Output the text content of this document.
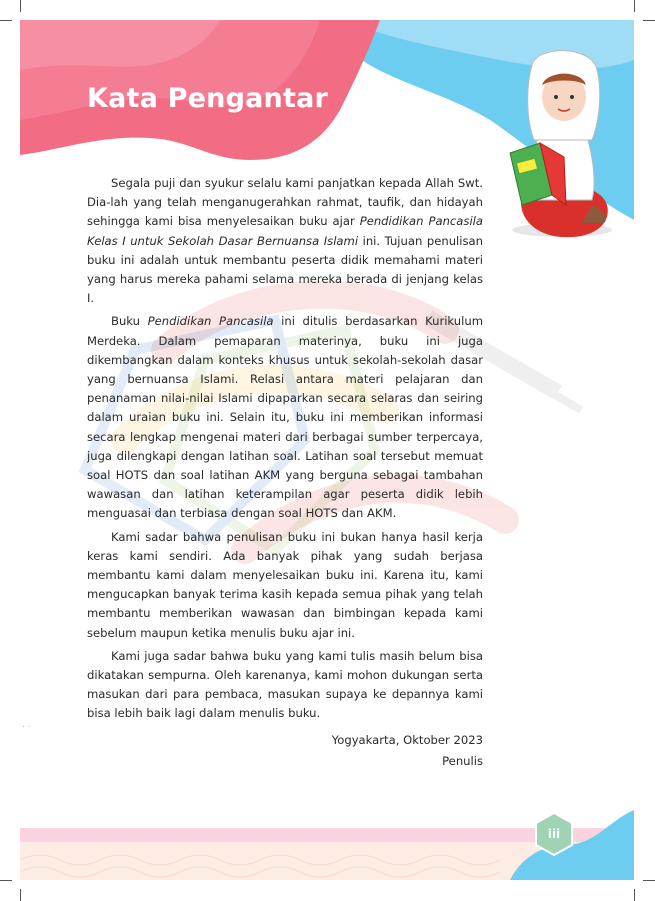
Kata Pengantar

Segala puji dan syukur selalu kami panjatkan kepada Allah Swt. Dia-lah yang telah menganugerahkan rahmat, taufik, dan hidayah sehingga kami bisa menyelesaikan buku ajar Pendidikan Pancasila Kelas I untuk Sekolah Dasar Bernuansa Islami ini. Tujuan penulisan buku ini adalah untuk membantu peserta didik memahami materi yang harus mereka pahami selama mereka berada di jenjang kelas I.

Buku Pendidikan Pancasila ini ditulis berdasarkan Kurikulum Merdeka. Dalam pemaparan materinya, buku ini juga dikembangkan dalam konteks khusus untuk sekolah-sekolah dasar yang bernuansa Islami. Relasi antara materi pelajaran dan penanaman nilai-nilai Islami dipaparkan secara selaras dan seiring dalam uraian buku ini. Selain itu, buku ini memberikan informasi secara lengkap mengenai materi dari berbagai sumber terpercaya, juga dilengkapi dengan latihan soal. Latihan soal tersebut memuat soal HOTS dan soal latihan AKM yang berguna sebagai tambahan wawasan dan latihan keterampilan agar peserta didik lebih menguasai dan terbiasa dengan soal HOTS dan AKM.

Kami sadar bahwa penulisan buku ini bukan hanya hasil kerja keras kami sendiri. Ada banyak pihak yang sudah berjasa membantu kami dalam menyelesaikan buku ini. Karena itu, kami mengucapkan banyak terima kasih kepada semua pihak yang telah membantu memberikan wawasan dan bimbingan kepada kami sebelum maupun ketika menulis buku ajar ini.

Kami juga sadar bahwa buku yang kami tulis masih belum bisa dikatakan sempurna. Oleh karenanya, kami mohon dukungan serta masukan dari para pembaca, masukan supaya ke depannya kami bisa lebih baik lagi dalam menulis buku.

Yogyakarta, Oktober 2023
Penulis
. .
iii
